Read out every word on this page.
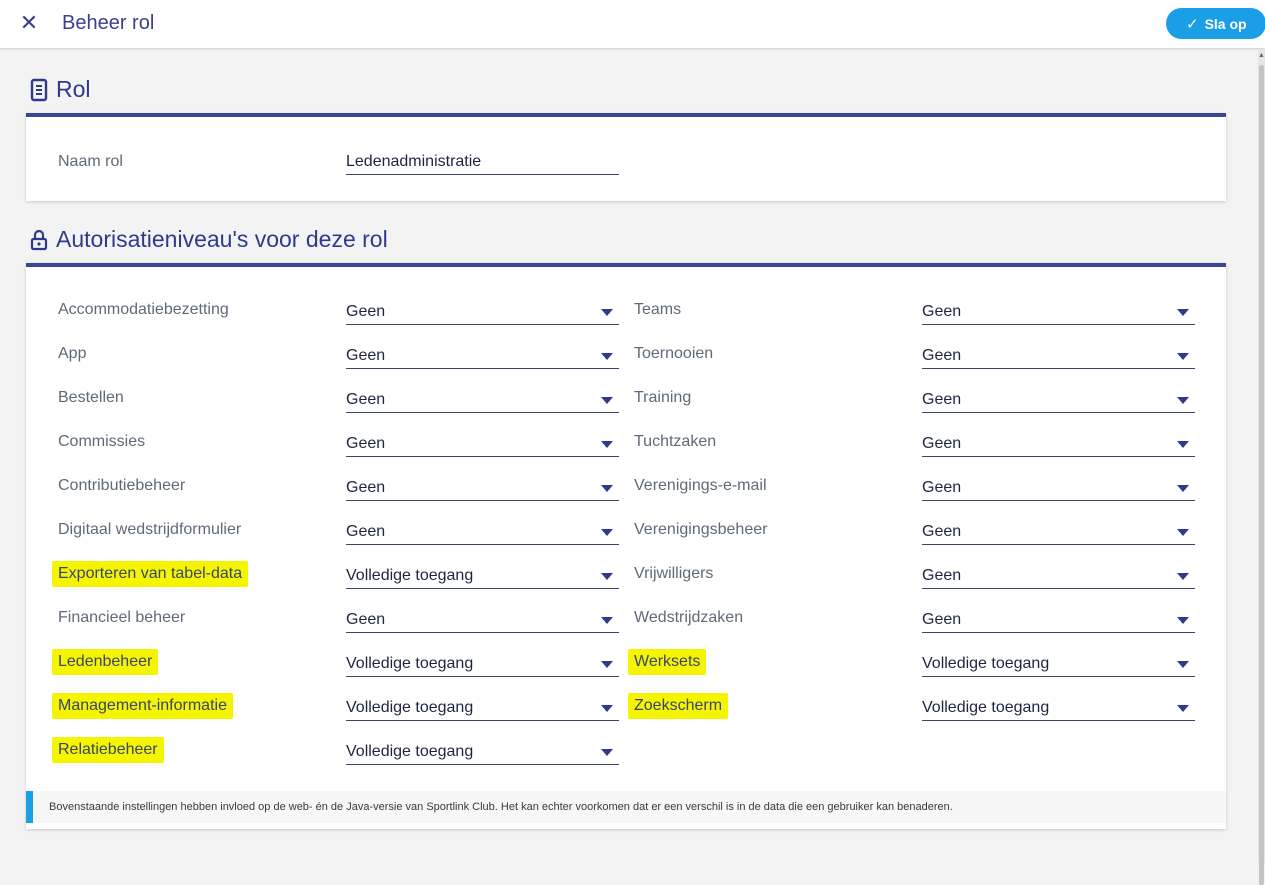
✕ Beheer rol	✓ Sla op
▲
Rol
Naam rol	Ledenadministratie
Autorisatieniveau's voor deze rol
Accommodatiebezetting	Geen
App	Geen
Bestellen	Geen
Commissies	Geen
Contributiebeheer	Geen
Digitaal wedstrijdformulier	Geen
Exporteren van tabel-data	Volledige toegang
Financieel beheer	Geen
Ledenbeheer	Volledige toegang
Management-informatie	Volledige toegang
Relatiebeheer	Volledige toegang
Teams	Geen
Toernooien	Geen
Training	Geen
Tuchtzaken	Geen
Verenigings-e-mail	Geen
Verenigingsbeheer	Geen
Vrijwilligers	Geen
Wedstrijdzaken	Geen
Werksets	Volledige toegang
Zoekscherm	Volledige toegang
Bovenstaande instellingen hebben invloed op de web- én de Java-versie van Sportlink Club. Het kan echter voorkomen dat er een verschil is in de data die een gebruiker kan benaderen.
